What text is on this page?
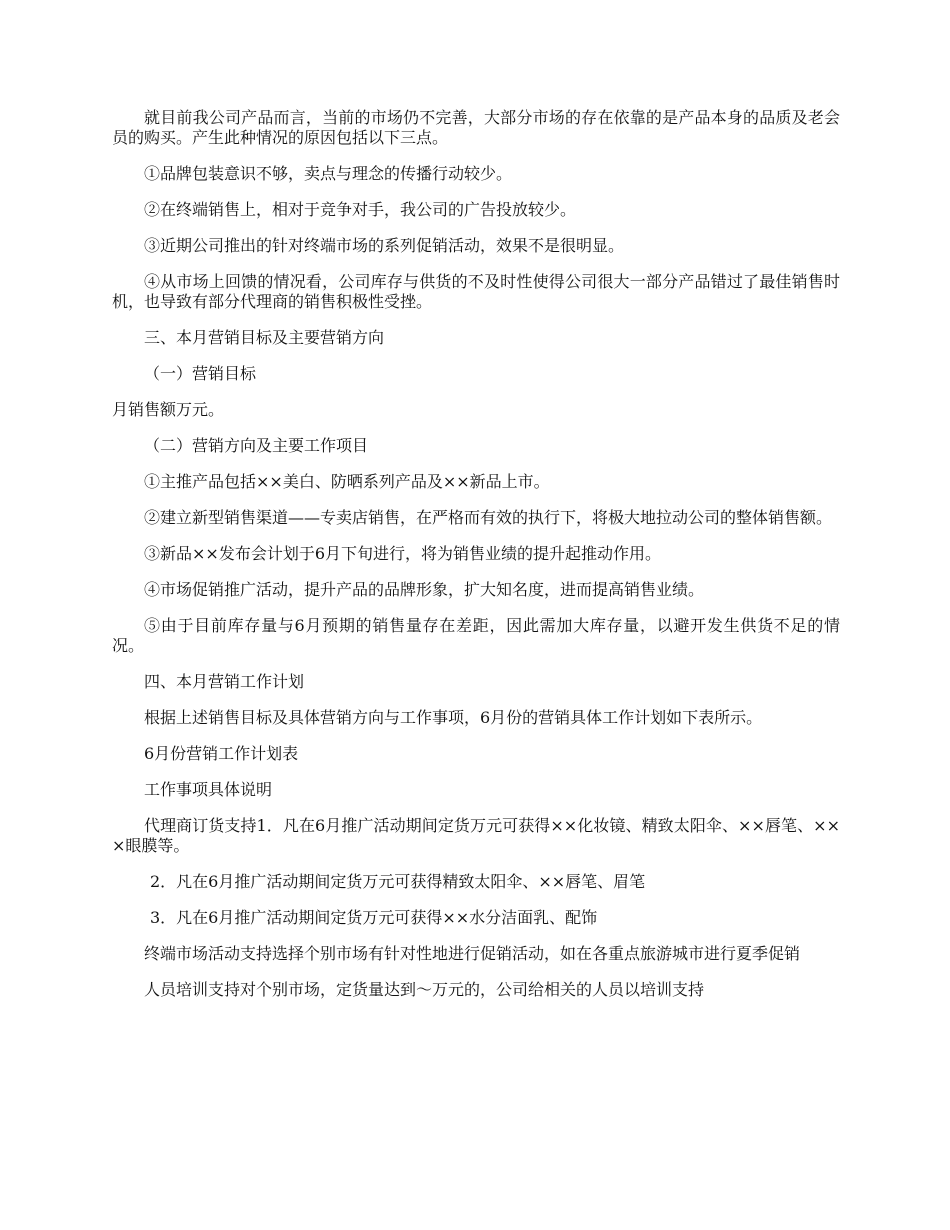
就目前我公司产品而言，当前的市场仍不完善，大部分市场的存在依靠的是产品本身的品质及老会员的购买。产生此种情况的原因包括以下三点。

①品牌包装意识不够，卖点与理念的传播行动较少。

②在终端销售上，相对于竞争对手，我公司的广告投放较少。

③近期公司推出的针对终端市场的系列促销活动，效果不是很明显。

④从市场上回馈的情况看，公司库存与供货的不及时性使得公司很大一部分产品错过了最佳销售时机，也导致有部分代理商的销售积极性受挫。

三、本月营销目标及主要营销方向

（一）营销目标

月销售额万元。

（二）营销方向及主要工作项目

①主推产品包括××美白、防晒系列产品及××新品上市。

②建立新型销售渠道——专卖店销售，在严格而有效的执行下，将极大地拉动公司的整体销售额。

③新品××发布会计划于6月下旬进行，将为销售业绩的提升起推动作用。

④市场促销推广活动，提升产品的品牌形象，扩大知名度，进而提高销售业绩。

⑤由于目前库存量与6月预期的销售量存在差距，因此需加大库存量，以避开发生供货不足的情况。

四、本月营销工作计划

根据上述销售目标及具体营销方向与工作事项，6月份的营销具体工作计划如下表所示。

6月份营销工作计划表

工作事项具体说明

代理商订货支持1．凡在6月推广活动期间定货万元可获得××化妆镜、精致太阳伞、××唇笔、×××眼膜等。

2．凡在6月推广活动期间定货万元可获得精致太阳伞、××唇笔、眉笔

3．凡在6月推广活动期间定货万元可获得××水分洁面乳、配饰

终端市场活动支持选择个别市场有针对性地进行促销活动，如在各重点旅游城市进行夏季促销

人员培训支持对个别市场，定货量达到～万元的，公司给相关的人员以培训支持
